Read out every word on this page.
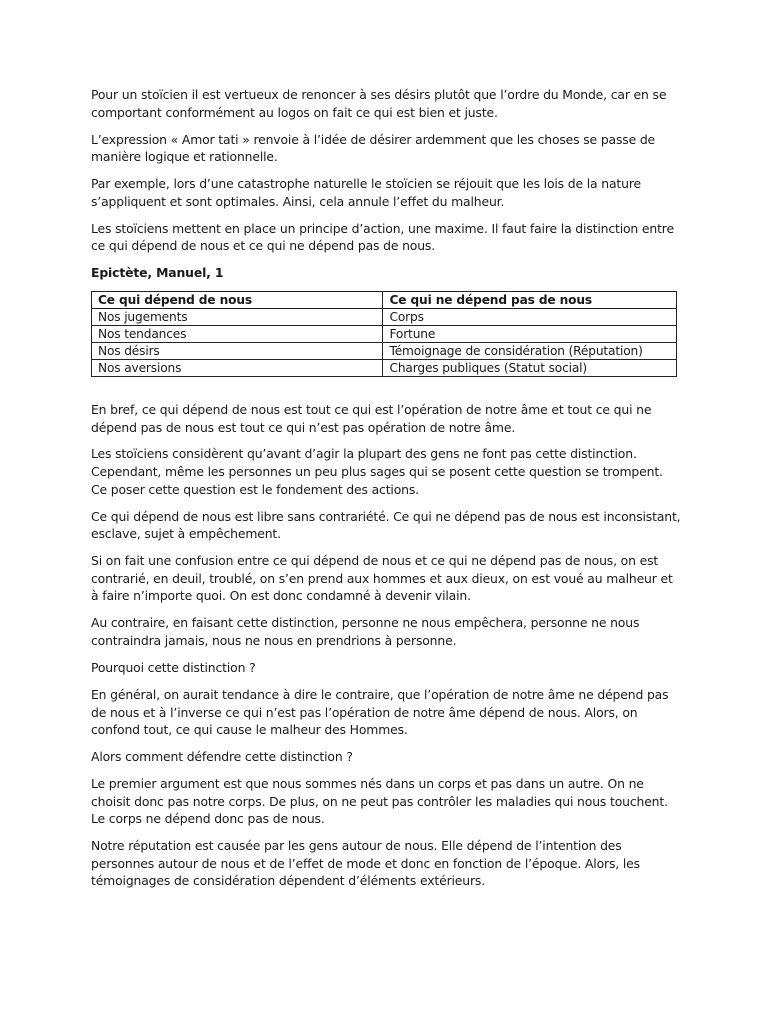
Pour un stoïcien il est vertueux de renoncer à ses désirs plutôt que l’ordre du Monde, car en se comportant conformément au logos on fait ce qui est bien et juste.

L’expression « Amor tati » renvoie à l’idée de désirer ardemment que les choses se passe de manière logique et rationnelle.

Par exemple, lors d’une catastrophe naturelle le stoïcien se réjouit que les lois de la nature s’appliquent et sont optimales. Ainsi, cela annule l’effet du malheur.

Les stoïciens mettent en place un principe d’action, une maxime. Il faut faire la distinction entre ce qui dépend de nous et ce qui ne dépend pas de nous.

Epictète, Manuel, 1

Ce qui dépend de nous	Ce qui ne dépend pas de nous
Nos jugements	Corps
Nos tendances	Fortune
Nos désirs	Témoignage de considération (Réputation)
Nos aversions	Charges publiques (Statut social)

En bref, ce qui dépend de nous est tout ce qui est l’opération de notre âme et tout ce qui ne dépend pas de nous est tout ce qui n’est pas opération de notre âme.

Les stoïciens considèrent qu’avant d’agir la plupart des gens ne font pas cette distinction. Cependant, même les personnes un peu plus sages qui se posent cette question se trompent. Ce poser cette question est le fondement des actions.

Ce qui dépend de nous est libre sans contrariété. Ce qui ne dépend pas de nous est inconsistant, esclave, sujet à empêchement.

Si on fait une confusion entre ce qui dépend de nous et ce qui ne dépend pas de nous, on est contrarié, en deuil, troublé, on s’en prend aux hommes et aux dieux, on est voué au malheur et à faire n’importe quoi. On est donc condamné à devenir vilain.

Au contraire, en faisant cette distinction, personne ne nous empêchera, personne ne nous contraindra jamais, nous ne nous en prendrions à personne.

Pourquoi cette distinction ?

En général, on aurait tendance à dire le contraire, que l’opération de notre âme ne dépend pas de nous et à l’inverse ce qui n’est pas l’opération de notre âme dépend de nous. Alors, on confond tout, ce qui cause le malheur des Hommes.

Alors comment défendre cette distinction ?

Le premier argument est que nous sommes nés dans un corps et pas dans un autre. On ne choisit donc pas notre corps. De plus, on ne peut pas contrôler les maladies qui nous touchent. Le corps ne dépend donc pas de nous.

Notre réputation est causée par les gens autour de nous. Elle dépend de l’intention des personnes autour de nous et de l’effet de mode et donc en fonction de l’époque. Alors, les témoignages de considération dépendent d’éléments extérieurs.
